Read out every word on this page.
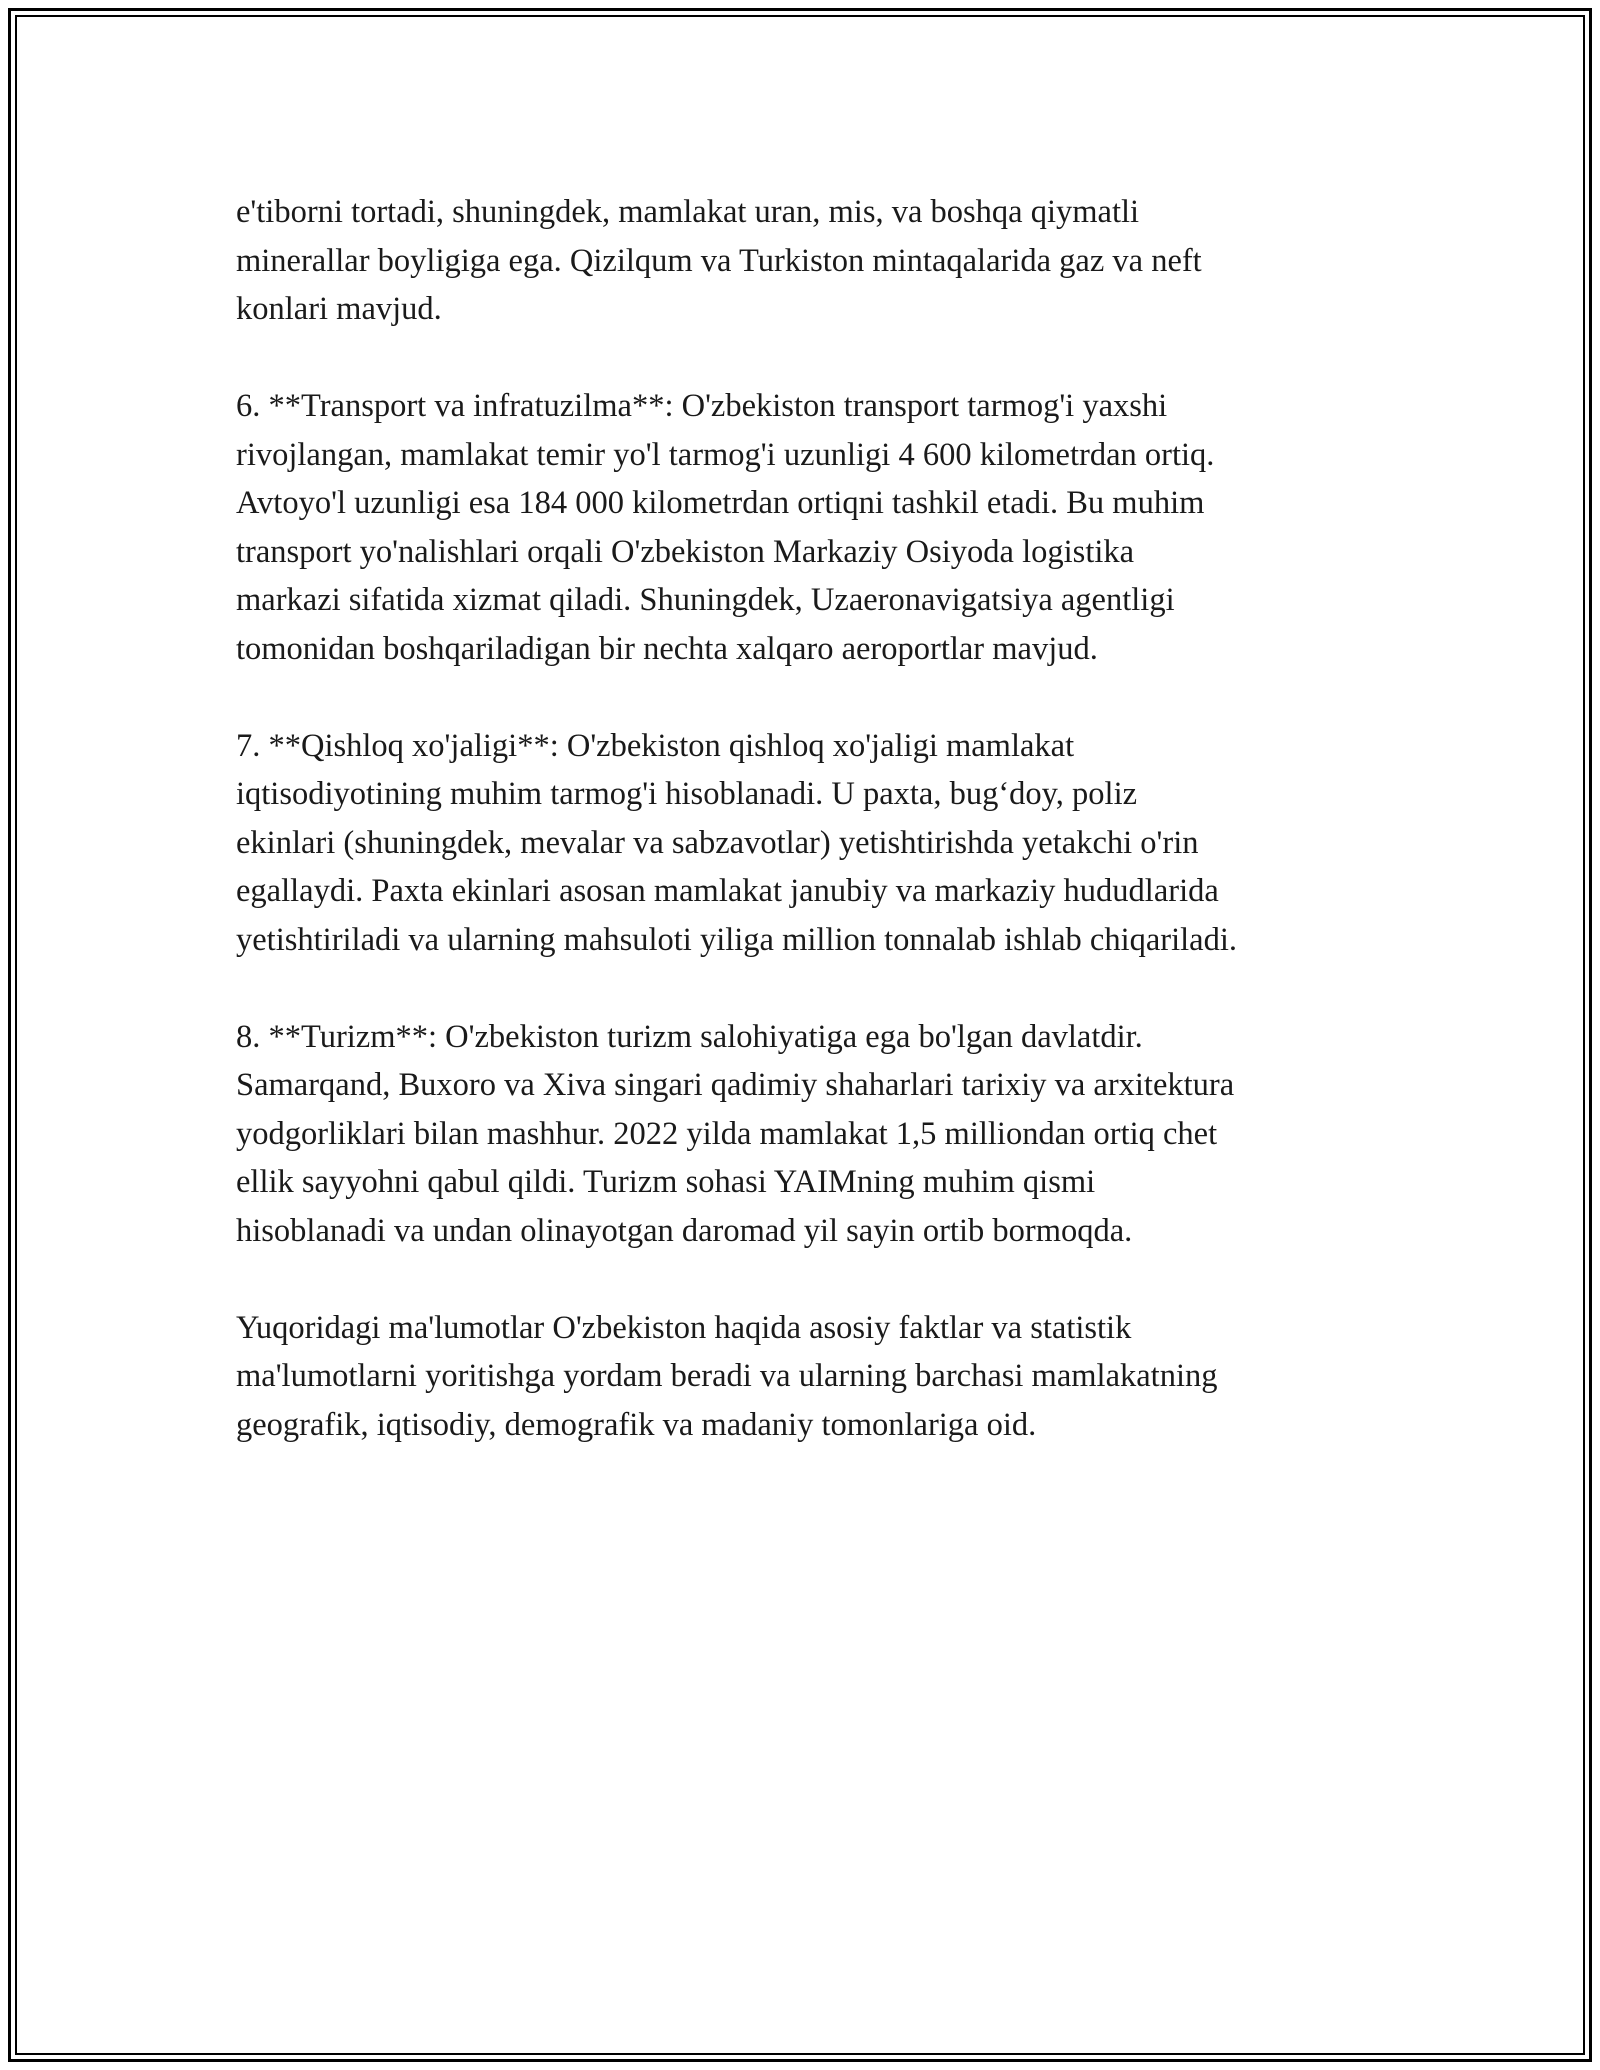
e'tiborni tortadi, shuningdek, mamlakat uran, mis, va boshqa qiymatli
minerallar boyligiga ega. Qizilqum va Turkiston mintaqalarida gaz va neft
konlari mavjud.

6. **Transport va infratuzilma**: O'zbekiston transport tarmog'i yaxshi
rivojlangan, mamlakat temir yo'l tarmog'i uzunligi 4 600 kilometrdan ortiq.
Avtoyo'l uzunligi esa 184 000 kilometrdan ortiqni tashkil etadi. Bu muhim
transport yo'nalishlari orqali O'zbekiston Markaziy Osiyoda logistika
markazi sifatida xizmat qiladi. Shuningdek, Uzaeronavigatsiya agentligi
tomonidan boshqariladigan bir nechta xalqaro aeroportlar mavjud.

7. **Qishloq xo'jaligi**: O'zbekiston qishloq xo'jaligi mamlakat
iqtisodiyotining muhim tarmog'i hisoblanadi. U paxta, bug‘doy, poliz
ekinlari (shuningdek, mevalar va sabzavotlar) yetishtirishda yetakchi o'rin
egallaydi. Paxta ekinlari asosan mamlakat janubiy va markaziy hududlarida
yetishtiriladi va ularning mahsuloti yiliga million tonnalab ishlab chiqariladi.

8. **Turizm**: O'zbekiston turizm salohiyatiga ega bo'lgan davlatdir.
Samarqand, Buxoro va Xiva singari qadimiy shaharlari tarixiy va arxitektura
yodgorliklari bilan mashhur. 2022 yilda mamlakat 1,5 milliondan ortiq chet
ellik sayyohni qabul qildi. Turizm sohasi YAIMning muhim qismi
hisoblanadi va undan olinayotgan daromad yil sayin ortib bormoqda.

Yuqoridagi ma'lumotlar O'zbekiston haqida asosiy faktlar va statistik
ma'lumotlarni yoritishga yordam beradi va ularning barchasi mamlakatning
geografik, iqtisodiy, demografik va madaniy tomonlariga oid.
